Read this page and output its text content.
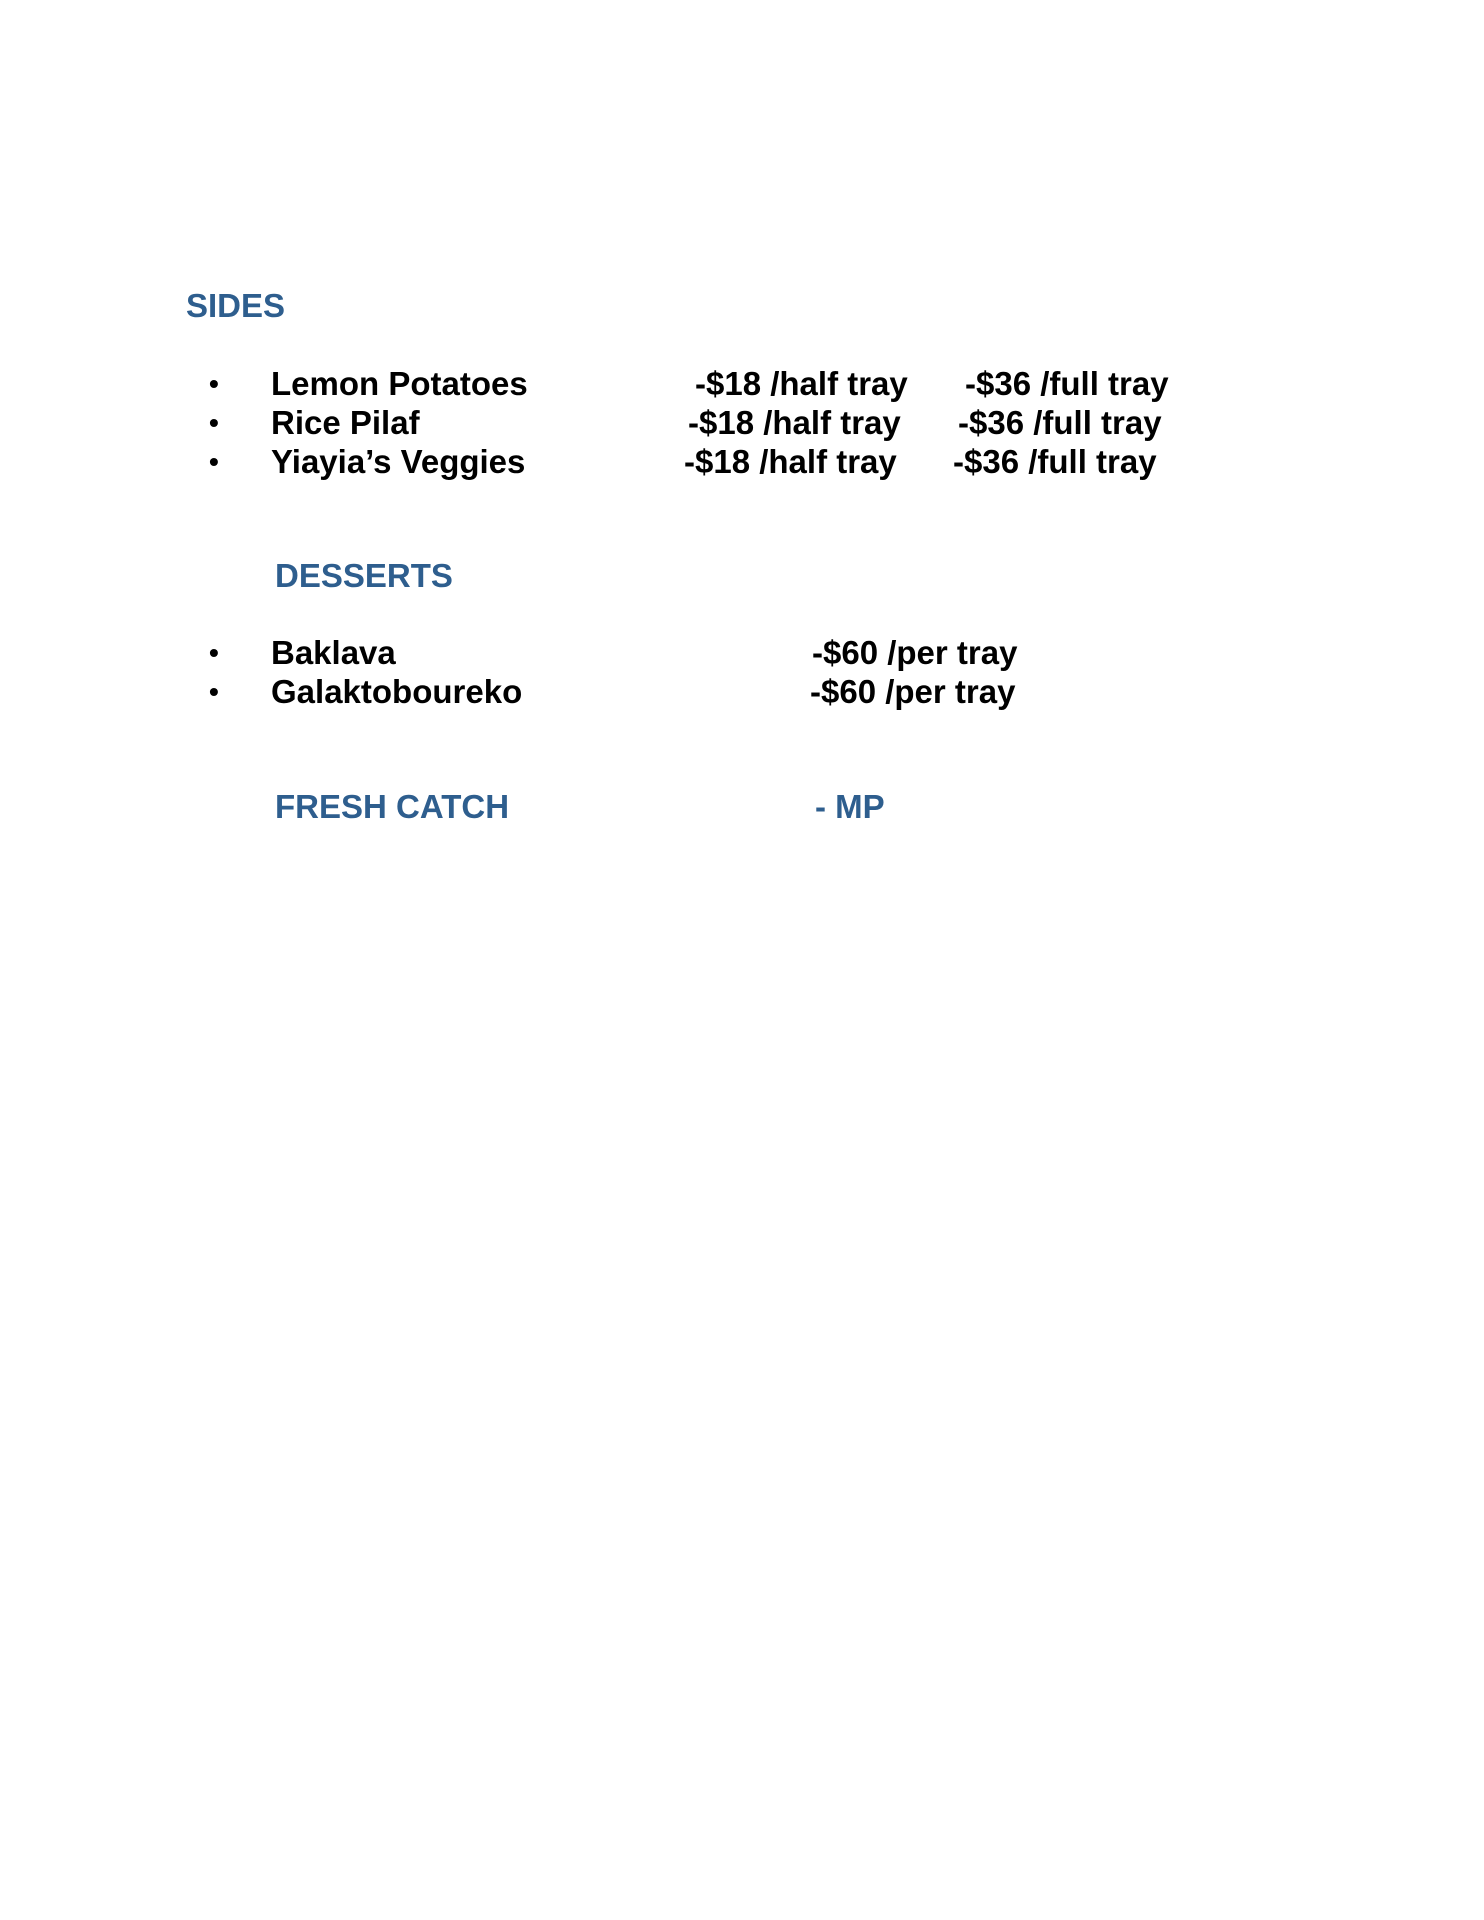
SIDES
• Lemon Potatoes	-$18 /half tray -$36 /full tray
• Rice Pilaf	-$18 /half tray -$36 /full tray
• Yiayia’s Veggies	-$18 /half tray -$36 /full tray
DESSERTS
• Baklava	-$60 /per tray
• Galaktoboureko	-$60 /per tray
FRESH CATCH	- MP
